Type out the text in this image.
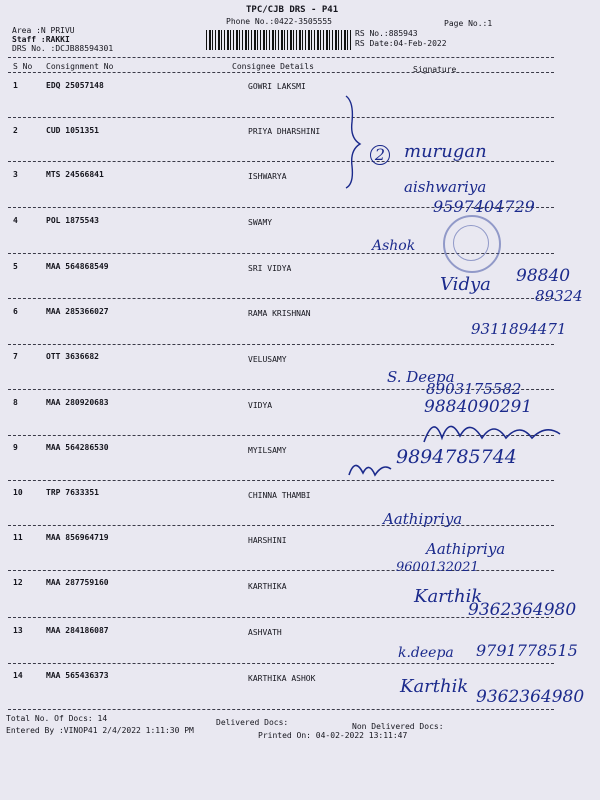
TPC/CJB DRS - P41
Phone No.:0422-3505555	Page No.:1
Area :N PRIVU
Staff :RAKKI
DRS No. :DCJB88594301
RS No.:885943
RS Date:04-Feb-2022
S No Consignment No	Consignee Details	Signature
1	EDQ 25057148	GOWRI LAKSMI
2	CUD 1051351	PRIYA DHARSHINI
3	MTS 24566841	ISHWARYA
4	POL 1875543	SWAMY
5	MAA 564868549	SRI VIDYA
6	MAA 285366027	RAMA KRISHNAN
7	OTT 3636682	VELUSAMY
8	MAA 280920683	VIDYA
9	MAA 564286530	MYILSAMY
10	TRP 7633351	CHINNA THAMBI
11	MAA 856964719	HARSHINI
12	MAA 287759160	KARTHIKA
13	MAA 284186087	ASHVATH
14	MAA 565436373	KARTHIKA ASHOK
2 murugan
aishwariya
9597404729
Ashok
Vidya 98840
89324
9311894471
S. Deepa
8903175582
9884090291
9894785744
Aathipriya
Aathipriya
9600132021
Karthik
9362364980
k.deepa 9791778515
Karthik 9362364980
Total No. Of Docs: 14	Delivered Docs:	Non Delivered Docs:
Entered By :VINOP41 2/4/2022 1:11:30 PM
Printed On: 04-02-2022 13:11:47
